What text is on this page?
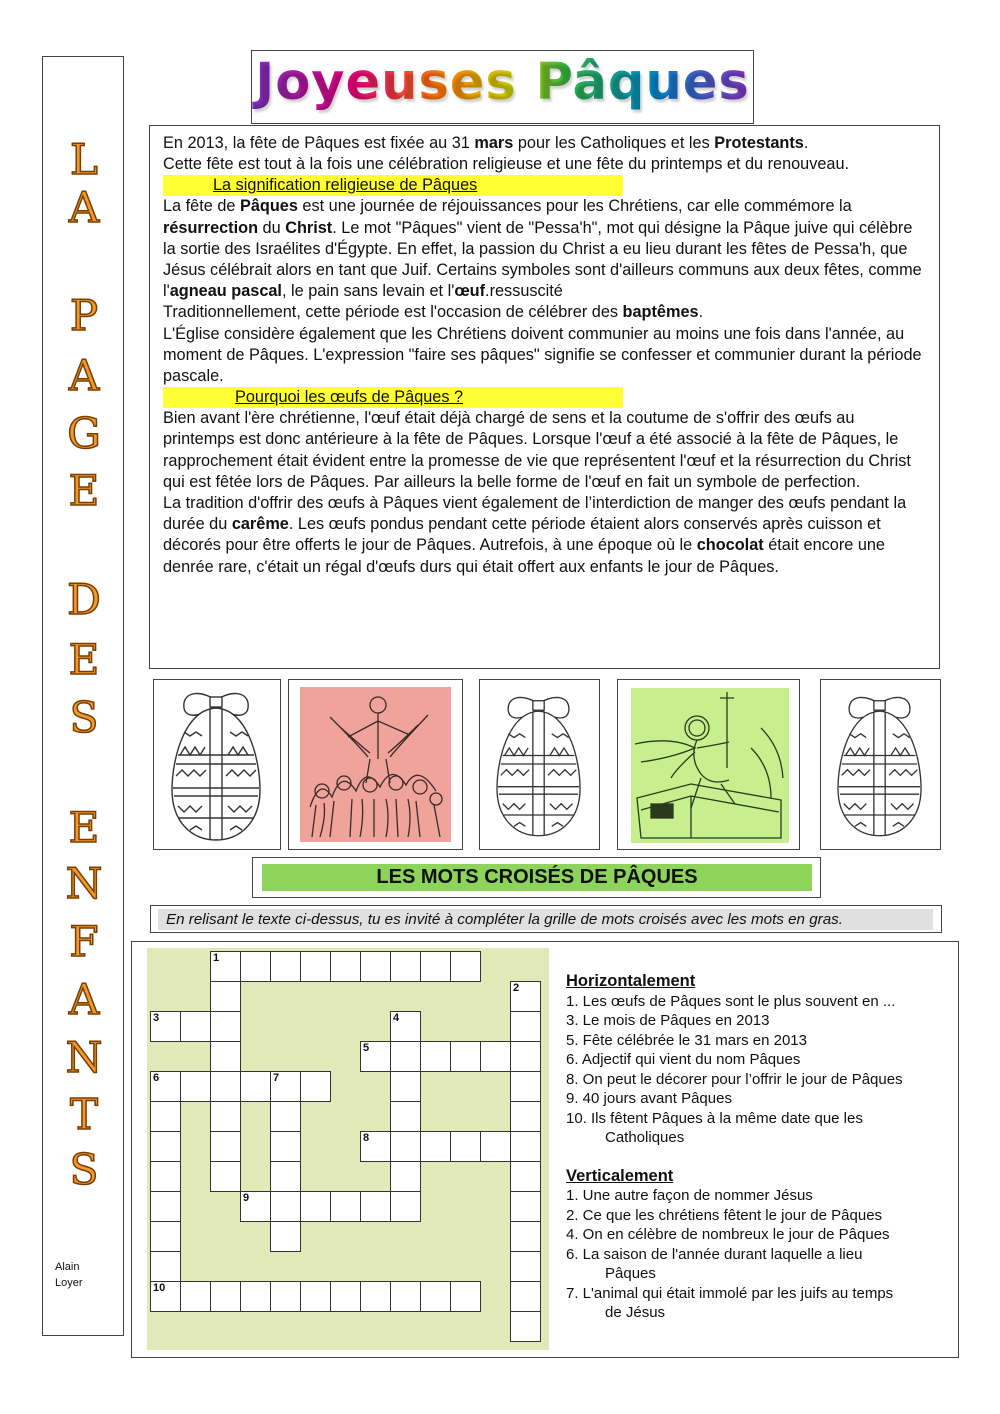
L
A
P
A
G
E
D
E
S
E
N
F
A
N
T
S
Alain
Loyer
Joyeuses Pâques

En 2013, la fête de Pâques est fixée au 31 mars pour les Catholiques et les Protestants.
Cette fête est tout à la fois une célébration religieuse et une fête du printemps et du renouveau.

La signification religieuse de Pâques

La fête de Pâques est une journée de réjouissances pour les Chrétiens, car elle commémore la résurrection du Christ. Le mot "Pâques" vient de "Pessa'h", mot qui désigne la Pâque juive qui célèbre la sortie des Israélites d'Égypte. En effet, la passion du Christ a eu lieu durant les fêtes de Pessa'h, que Jésus célébrait alors en tant que Juif. Certains symboles sont d'ailleurs communs aux deux fêtes, comme l'agneau pascal, le pain sans levain et l'œuf.ressuscité

Traditionnellement, cette période est l'occasion de célébrer des baptêmes.

L'Église considère également que les Chrétiens doivent communier au moins une fois dans l'année, au moment de Pâques. L'expression "faire ses pâques" signifie se confesser et communier durant la période pascale.

Pourquoi les œufs de Pâques ?

Bien avant l'ère chrétienne, l'œuf était déjà chargé de sens et la coutume de s'offrir des œufs au printemps est donc antérieure à la fête de Pâques. Lorsque l'œuf a été associé à la fête de Pâques, le rapprochement était évident entre la promesse de vie que représentent l'œuf et la résurrection du Christ qui est fêtée lors de Pâques. Par ailleurs la belle forme de l'œuf en fait un symbole de perfection.

La tradition d'offrir des œufs à Pâques vient également de l’interdiction de manger des œufs pendant la durée du carême. Les œufs pondus pendant cette période étaient alors conservés après cuisson et décorés pour être offerts le jour de Pâques. Autrefois, à une époque où le chocolat était encore une denrée rare, c'était un régal d'œufs durs qui était offert aux enfants le jour de Pâques.

LES MOTS CROISÉS DE PÂQUES
En relisant le texte ci-dessus, tu es invité à compléter la grille de mots croisés avec les mots en gras.
1
2
3	4
5
6	7
10
8
9
Horizontalement
1. Les œufs de Pâques sont le plus souvent en ...
3. Le mois de Pâques en 2013
5. Fête célébrée le 31 mars en 2013
6. Adjectif qui vient du nom Pâques
8. On peut le décorer pour l’offrir le jour de Pâques
9. 40 jours avant Pâques
10. Ils fêtent Pâques à la même date que les
Catholiques
Verticalement
1. Une autre façon de nommer Jésus
2. Ce que les chrétiens fêtent le jour de Pâques
4. On en célèbre de nombreux le jour de Pâques
6. La saison de l'année durant laquelle a lieu
Pâques
7. L'animal qui était immolé par les juifs au temps
de Jésus
